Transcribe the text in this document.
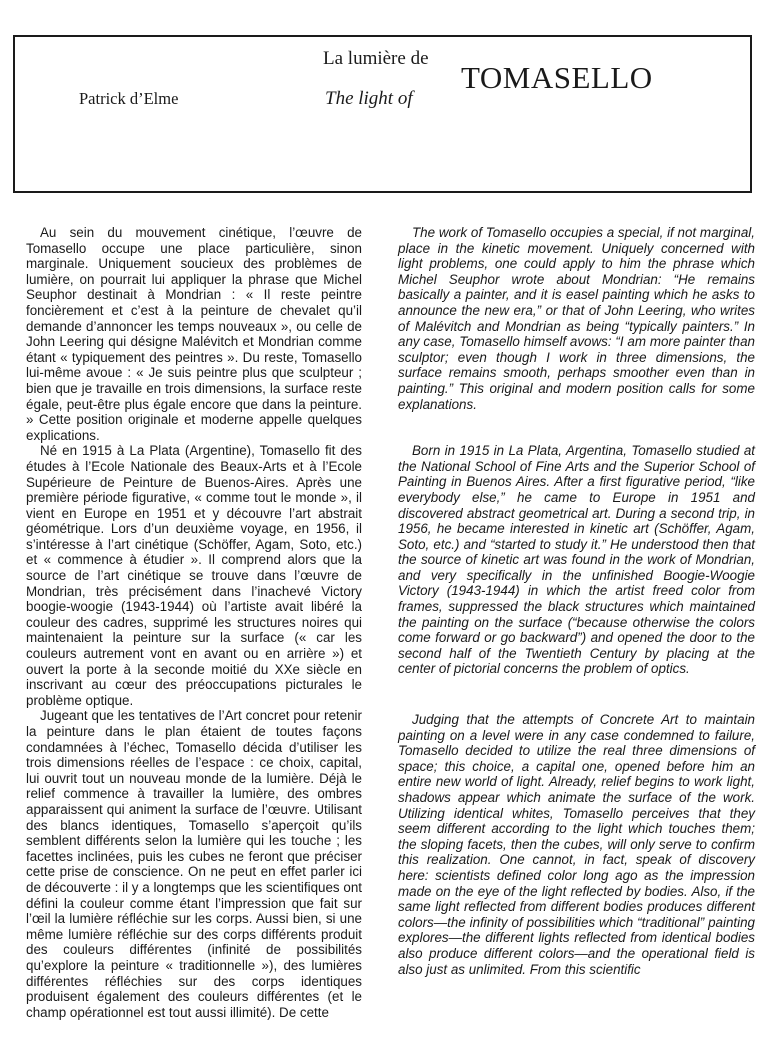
La lumière de
The light of
Patrick d’Elme
TOMASELLO

Au sein du mouvement cinétique, l’œuvre de Tomasello occupe une place particulière, sinon marginale. Uniquement soucieux des problèmes de lumière, on pourrait lui appliquer la phrase que Michel Seuphor destinait à Mondrian : « Il reste peintre foncièrement et c’est à la peinture de chevalet qu’il demande d’annoncer les temps nouveaux », ou celle de John Leering qui désigne Malévitch et Mondrian comme étant « typiquement des peintres ». Du reste, Tomasello lui-même avoue : « Je suis peintre plus que sculpteur ; bien que je travaille en trois dimensions, la surface reste égale, peut-être plus égale encore que dans la peinture. » Cette position originale et moderne appelle quelques explications.

Né en 1915 à La Plata (Argentine), Tomasello fit des études à l’Ecole Nationale des Beaux-Arts et à l’Ecole Supérieure de Peinture de Buenos-Aires. Après une première période figurative, « comme tout le monde », il vient en Europe en 1951 et y découvre l’art abstrait géométrique. Lors d’un deuxième voyage, en 1956, il s’intéresse à l’art cinétique (Schöffer, Agam, Soto, etc.) et « commence à étudier ». Il comprend alors que la source de l’art cinétique se trouve dans l’œuvre de Mondrian, très précisément dans l’inachevé Victory boogie-woogie (1943-1944) où l’artiste avait libéré la couleur des cadres, supprimé les structures noires qui maintenaient la peinture sur la surface (« car les couleurs autrement vont en avant ou en arrière ») et ouvert la porte à la seconde moitié du XXe siècle en inscrivant au cœur des préoccupations picturales le problème optique.

Jugeant que les tentatives de l’Art concret pour retenir la peinture dans le plan étaient de toutes façons condamnées à l’échec, Tomasello décida d’utiliser les trois dimensions réelles de l’espace : ce choix, capital, lui ouvrit tout un nouveau monde de la lumière. Déjà le relief commence à travailler la lumière, des ombres apparaissent qui animent la surface de l’œuvre. Utilisant des blancs identiques, Tomasello s’aperçoit qu’ils semblent différents selon la lumière qui les touche ; les facettes inclinées, puis les cubes ne feront que préciser cette prise de conscience. On ne peut en effet parler ici de découverte : il y a longtemps que les scientifiques ont défini la couleur comme étant l’impression que fait sur l’œil la lumière réfléchie sur les corps. Aussi bien, si une même lumière réfléchie sur des corps différents produit des couleurs différentes (infinité de possibilités qu’explore la peinture « traditionnelle »), des lumières différentes réfléchies sur des corps identiques produisent également des couleurs différentes (et le champ opérationnel est tout aussi illimité). De cette

The work of Tomasello occupies a special, if not marginal, place in the kinetic movement. Uniquely concerned with light problems, one could apply to him the phrase which Michel Seuphor wrote about Mondrian: “He remains basically a painter, and it is easel painting which he asks to announce the new era,” or that of John Leering, who writes of Malévitch and Mondrian as being “typically painters.” In any case, Tomasello himself avows: “I am more painter than sculptor; even though I work in three dimensions, the surface remains smooth, perhaps smoother even than in painting.” This original and modern position calls for some explanations.

Born in 1915 in La Plata, Argentina, Tomasello studied at the National School of Fine Arts and the Superior School of Painting in Buenos Aires. After a first figurative period, “like everybody else,” he came to Europe in 1951 and discovered abstract geometrical art. During a second trip, in 1956, he became interested in kinetic art (Schöffer, Agam, Soto, etc.) and “started to study it.” He understood then that the source of kinetic art was found in the work of Mondrian, and very specifically in the unfinished Boogie-Woogie Victory (1943-1944) in which the artist freed color from frames, suppressed the black structures which maintained the painting on the surface (“because otherwise the colors come forward or go backward”) and opened the door to the second half of the Twentieth Century by placing at the center of pictorial concerns the problem of optics.

Judging that the attempts of Concrete Art to maintain painting on a level were in any case condemned to failure, Tomasello decided to utilize the real three dimensions of space; this choice, a capital one, opened before him an entire new world of light. Already, relief begins to work light, shadows appear which animate the surface of the work. Utilizing identical whites, Tomasello perceives that they seem different according to the light which touches them; the sloping facets, then the cubes, will only serve to confirm this realization. One cannot, in fact, speak of discovery here: scientists defined color long ago as the impression made on the eye of the light reflected by bodies. Also, if the same light reflected from different bodies produces different colors—the infinity of possibilities which “traditional” painting explores—the different lights reflected from identical bodies also produce different colors—and the operational field is also just as unlimited. From this scientific
